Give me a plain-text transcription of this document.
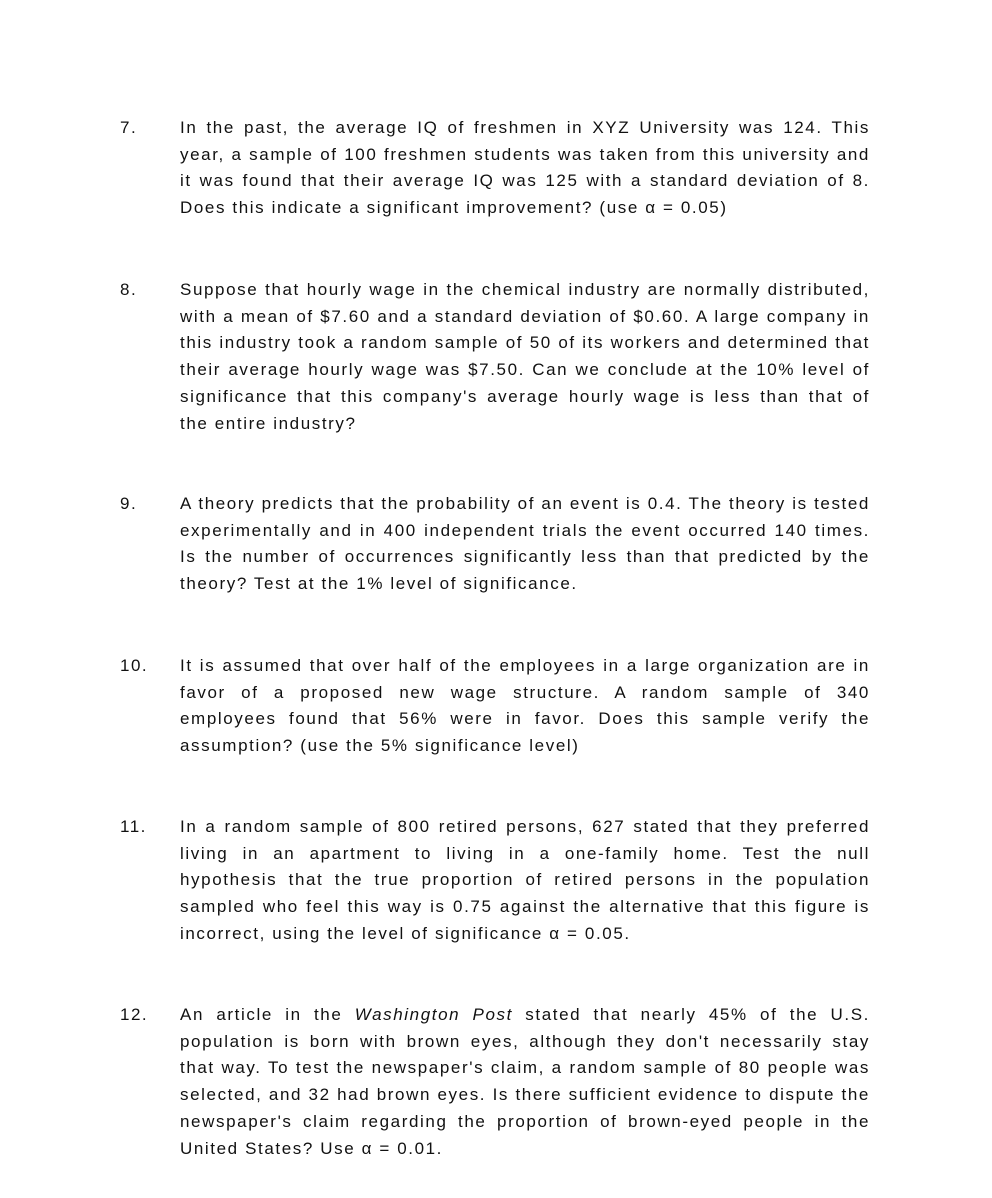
7.	In the past, the average IQ of freshmen in XYZ University was 124. This year, a sample of 100 freshmen students was taken from this university and it was found that their average IQ was 125 with a standard deviation of 8. Does this indicate a significant improvement? (use α = 0.05)
8.	Suppose that hourly wage in the chemical industry are normally distributed, with a mean of $7.60 and a standard deviation of $0.60. A large company in this industry took a random sample of 50 of its workers and determined that their average hourly wage was $7.50. Can we conclude at the 10% level of significance that this company's average hourly wage is less than that of the entire industry?
9.	A theory predicts that the probability of an event is 0.4. The theory is tested experimentally and in 400 independent trials the event occurred 140 times. Is the number of occurrences significantly less than that predicted by the theory? Test at the 1% level of significance.
10.	It is assumed that over half of the employees in a large organization are in favor of a proposed new wage structure. A random sample of 340 employees found that 56% were in favor. Does this sample verify the assumption? (use the 5% significance level)
11.	In a random sample of 800 retired persons, 627 stated that they preferred living in an apartment to living in a one-family home. Test the null hypothesis that the true proportion of retired persons in the population sampled who feel this way is 0.75 against the alternative that this figure is incorrect, using the level of significance α = 0.05.
12.	An article in the Washington Post stated that nearly 45% of the U.S. population is born with brown eyes, although they don't necessarily stay that way. To test the newspaper's claim, a random sample of 80 people was selected, and 32 had brown eyes. Is there sufficient evidence to dispute the newspaper's claim regarding the proportion of brown-eyed people in the United States? Use α = 0.01.
